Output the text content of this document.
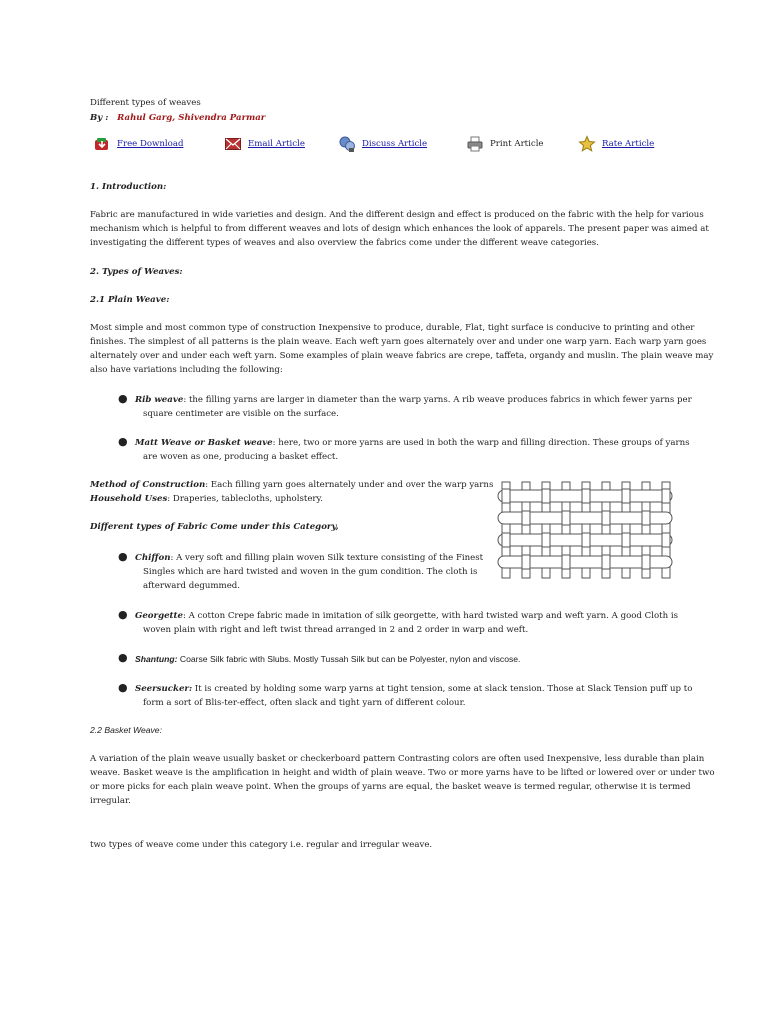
Different types of weaves
By : Rahul Garg, Shivendra Parmar
Free Download	Email Article	Discuss Article	Print Article	Rate Article
1. Introduction:
Fabric are manufactured in wide varieties and design. And the different design and effect is produced on the fabric with the help for various
mechanism which is helpful to from different weaves and lots of design which enhances the look of apparels. The present paper was aimed at
investigating the different types of weaves and also overview the fabrics come under the different weave categories.
2. Types of Weaves:
2.1 Plain Weave:
Most simple and most common type of construction Inexpensive to produce, durable, Flat, tight surface is conducive to printing and other
finishes. The simplest of all patterns is the plain weave. Each weft yarn goes alternately over and under one warp yarn. Each warp yarn goes
alternately over and under each weft yarn. Some examples of plain weave fabrics are crepe, taffeta, organdy and muslin. The plain weave may
also have variations including the following:
● Rib weave: the filling yarns are larger in diameter than the warp yarns. A rib weave produces fabrics in which fewer yarns per
square centimeter are visible on the surface.
● Matt Weave or Basket weave: here, two or more yarns are used in both the warp and filling direction. These groups of yarns
are woven as one, producing a basket effect.
Method of Construction: Each filling yarn goes alternately under and over the warp yarns
Household Uses: Draperies, tablecloths, upholstery.
Different types of Fabric Come under this Category,
● Chiffon: A very soft and filling plain woven Silk texture consisting of the Finest
Singles which are hard twisted and woven in the gum condition. The cloth is
afterward degummed.
● Georgette: A cotton Crepe fabric made in imitation of silk georgette, with hard twisted warp and weft yarn. A good Cloth is
woven plain with right and left twist thread arranged in 2 and 2 order in warp and weft.
● Shantung: Coarse Silk fabric with Slubs. Mostly Tussah Silk but can be Polyester, nylon and viscose.
● Seersucker: It is created by holding some warp yarns at tight tension, some at slack tension. Those at Slack Tension puff up to
form a sort of Blis-ter-effect, often slack and tight yarn of different colour.
2.2 Basket Weave:
A variation of the plain weave usually basket or checkerboard pattern Contrasting colors are often used Inexpensive, less durable than plain
weave. Basket weave is the amplification in height and width of plain weave. Two or more yarns have to be lifted or lowered over or under two
or more picks for each plain weave point. When the groups of yarns are equal, the basket weave is termed regular, otherwise it is termed
irregular.
two types of weave come under this category i.e. regular and irregular weave.
